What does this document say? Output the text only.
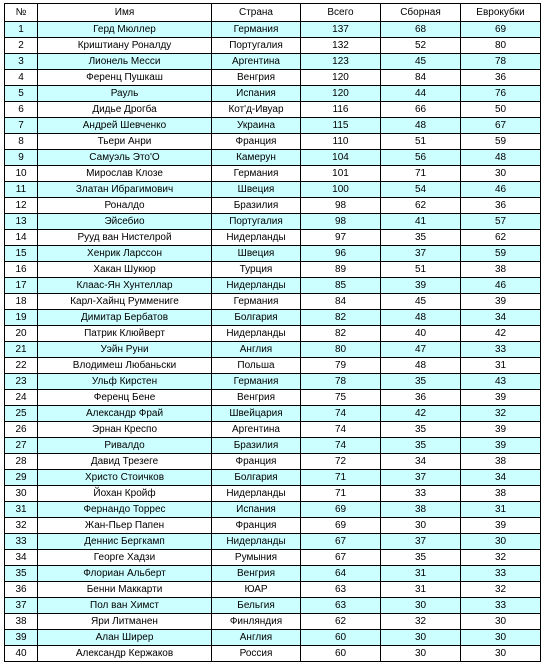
№	Имя	Страна	Всего	Сборная	Еврокубки
1	Герд Мюллер	Германия	137	68	69
2	Криштиану Роналду	Португалия	132	52	80
3	Лионель Месси	Аргентина	123	45	78
4	Ференц Пушкаш	Венгрия	120	84	36
5	Рауль	Испания	120	44	76
6	Дидье Дрогба	Кот'д-Ивуар	116	66	50
7	Андрей Шевченко	Украина	115	48	67
8	Тьери Анри	Франция	110	51	59
9	Самуэль Это'О	Камерун	104	56	48
10	Мирослав Клозе	Германия	101	71	30
11	Златан Ибрагимович	Швеция	100	54	46
12	Роналдо	Бразилия	98	62	36
13	Эйсебио	Португалия	98	41	57
14	Рууд ван Нистелрой	Нидерланды	97	35	62
15	Хенрик Ларссон	Швеция	96	37	59
16	Хакан Шукюр	Турция	89	51	38
17	Клаас-Ян Хунтеллар	Нидерланды	85	39	46
18	Карл-Хайнц Руммениге	Германия	84	45	39
19	Димитар Бербатов	Болгария	82	48	34
20	Патрик Клюйверт	Нидерланды	82	40	42
21	Уэйн Руни	Англия	80	47	33
22	Влодимеш Любаньски	Польша	79	48	31
23	Ульф Кирстен	Германия	78	35	43
24	Ференц Бене	Венгрия	75	36	39
25	Александр Фрай	Швейцария	74	42	32
26	Эрнан Креспо	Аргентина	74	35	39
27	Ривалдо	Бразилия	74	35	39
28	Давид Трезеге	Франция	72	34	38
29	Христо Стоичков	Болгария	71	37	34
30	Йохан Кройф	Нидерланды	71	33	38
31	Фернандо Торрес	Испания	69	38	31
32	Жан-Пьер Папен	Франция	69	30	39
33	Деннис Бергкамп	Нидерланды	67	37	30
34	Георге Хадзи	Румыния	67	35	32
35	Флориан Альберт	Венгрия	64	31	33
36	Бенни Маккарти	ЮАР	63	31	32
37	Пол ван Химст	Бельгия	63	30	33
38	Яри Литманен	Финляндия	62	32	30
39	Алан Ширер	Англия	60	30	30
40	Александр Кержаков	Россия	60	30	30
